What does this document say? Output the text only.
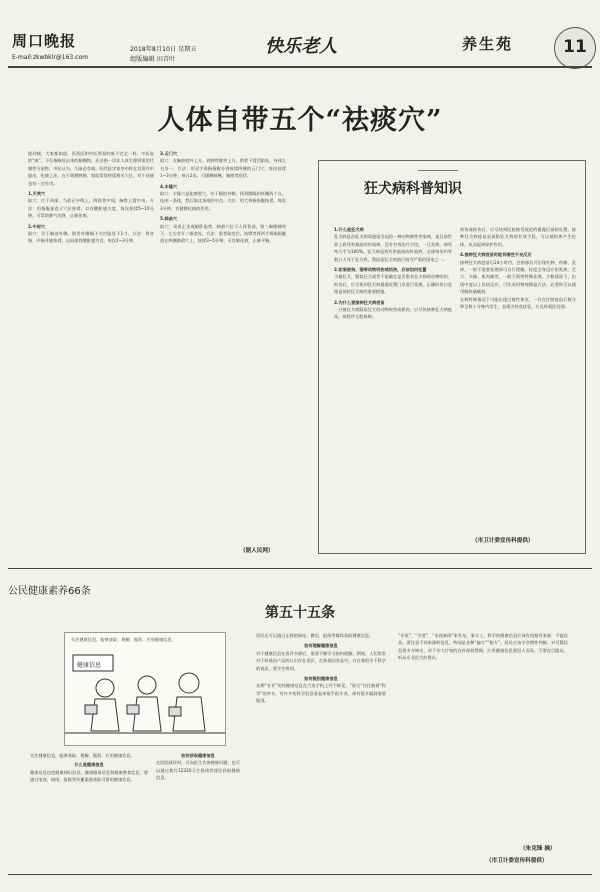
周口晚报
E-mail:zkwbklr@163.com
2018年8月10日 星期五
组版编辑 田青叶
快乐老人	养生苑	11
人体自带五个“祛痰穴”
提到痰，大家都知道，但西医和中医所说的痰不完全一样。中医说的“痰”，不仅指咳吐出来的黏稠物，还泛指一切非人体生理所需的代谢性分泌物。中医认为，久咳必有痰。明代医学家李中梓在其著作中提出，化痰之法，在于调理脾肺，如能常常按揉相关穴位，对于祛痰也有一定作用。
1.天突穴
取穴：位于颈部，当前正中线上，两锁骨中间，胸骨上窝中央。方法：用指腹垂直于穴位按揉，以有酸胀感为度，每次按揉5~10分钟。可帮助肺气宣降，止咳化痰。
2.中府穴
取穴：位于胸部外侧，锁骨外侧端下方凹陷处下1寸。方法：将食指、中指并拢按揉，以局部有酸胀感为宜，每次2~3分钟。
3.云门穴
取穴：在胸前壁外上方，肩胛骨喙突上方，锁骨下窝凹陷处，身体左右各一。方法：用双手拇指指腹分别按揉两侧的云门穴，每次按揉1~3分钟，每日2次。可缓解咳嗽、咳痰等症状。
4.丰隆穴
取穴：丰隆穴是化痰要穴，位于腿的外侧，找到膝眼和外踝两个点，连成一条线，然后取这条线的中点。方法：用大拇指指腹按揉，每次3分钟，有健脾化痰的作用。
5.肺俞穴
取穴：采用正坐或俯卧姿势，肺俞穴位于人体背部，第三胸椎棘突下，左右旁开二指宽处。方法：患者取坐位，按摩者将两手拇指指腹放在两侧肺俞穴上，按揉3~5分钟，可宣肺化痰，止咳平喘。
（据人民网）
狂犬病科普知识
1.什么是狂犬病
狂犬病是由狂犬病毒感染引起的一种动物源性传染病，是目前世界上病死率最高的传染病，没有有效治疗手段，一旦发病，病死率几乎为100%。狂犬病是致死率最高的传染病，全球每年约有数万人死于狂犬病，我国是狂犬病流行较为严重的国家之一。
2.如果被狗、猫等动物咬伤或抓伤，应该如何处置
当被狂犬、疑似狂犬或者不能确定是否患有狂犬病的动物咬伤、抓伤后，应尽快到狂犬病暴露处置门诊进行处理。正确的伤口处理是预防狂犬病的重要措施。
3.为什么要接种狂犬病疫苗
一旦被狂犬或疑似狂犬的动物咬伤或抓伤，应尽快接种狂犬病疫苗，按程序全程接种。
咬伤或抓伤后，应尽快到医院接受规范的暴露后预防处置。接种狂犬病疫苗是预防狂犬病的有效手段，可以使机体产生抗体，从而起到保护作用。
4.接种狂犬病疫苗时能有哪些不良反应
接种狂犬病疫苗后24小时内，注射部位可出现红肿、疼痛、发痒，一般不需要处理即可自行缓解。轻度全身反应如发热、乏力、头痛、肌肉痛等，一般不需要特殊处理。少数情况下，出现中度以上发热反应，可先采用物理降温方法，必要时可以使用解热镇痛剂。
在极特殊情况下可能出现过敏性休克，一旦在注射疫苗后数分钟至数十分钟内发生，表现为休克症状，应及时就医处理。
（市卫计委宣传科提供）
公民健康素养66条
第五十五条
关注健康信息，能够获取、理解、甄别、应用健康信息。
健康信息
关注健康信息，能够获取、理解、甄别、应用健康信息。
什么是健康信息
健康信息包括健康知识信息、健康服务信息和健康教育信息。要通过电视、网络、报纸等传播渠道获取可靠的健康信息。
如何获取健康信息
在医院就诊时，可向医生咨询健康问题；也可以通过拨打12320卫生热线等途径获取健康信息。
居民还可以通过正规的网站、微信、报纸等媒体获取健康信息。
如何理解健康信息
对于健康信息在看评多源后，需要不断学习如何理解。例如，人们常常对于转基因产品的认识存在误区，在转基因食品中，存在着很多不科学的说法，要学会辨别。
如何甄别健康信息
长期“专业”的伪健康信息在大家手机上并不鲜见，“谣言”往往披着“科学”的外衣，有许多伪科学信息看起来似乎很专业，却有很多漏洞需要甄别。
“专家”、“学者”、“电视新闻”来发布，事实上，科学的健康信息应该有依据有来源，不能盲从。要注意不同来源的信息，特别是各种“偏方”“秘方”。居民应该学会理性判断，对可疑信息要多方核实，对于夸大疗效的宣传保持警惕，应用健康信息要因人而异，不要盲目跟从，听从专业医生的建议。
（朱克锋 摘）
（市卫计委宣传科提供）
